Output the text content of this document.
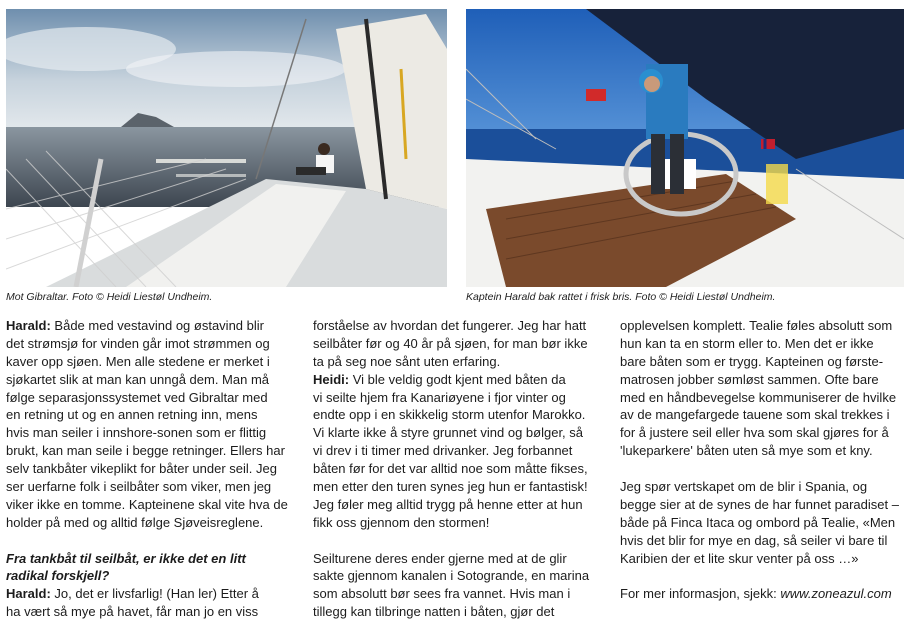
Mot Gibraltar. Foto © Heidi Liestøl Undheim.	Kaptein Harald bak rattet i frisk bris. Foto © Heidi Liestøl Undheim.
Harald: Både med vestavind og østavind blir
det strømsjø for vinden går imot strømmen og
kaver opp sjøen. Men alle stedene er merket i
sjøkartet slik at man kan unngå dem. Man må
følge separasjonssystemet ved Gibraltar med
en retning ut og en annen retning inn, mens
hvis man seiler i innshore-sonen som er flittig
brukt, kan man seile i begge retninger. Ellers har
selv tankbåter vikeplikt for båter under seil. Jeg
ser uerfarne folk i seilbåter som viker, men jeg
viker ikke en tomme. Kapteinene skal vite hva de
holder på med og alltid følge Sjøveisreglene.
Fra tankbåt til seilbåt, er ikke det en litt
radikal forskjell?
Harald: Jo, det er livsfarlig! (Han ler) Etter å
ha vært så mye på havet, får man jo en viss
forståelse av hvordan det fungerer. Jeg har hatt
seilbåter før og 40 år på sjøen, for man bør ikke
ta på seg noe sånt uten erfaring.
Heidi: Vi ble veldig godt kjent med båten da
vi seilte hjem fra Kanariøyene i fjor vinter og
endte opp i en skikkelig storm utenfor Marokko.
Vi klarte ikke å styre grunnet vind og bølger, så
vi drev i ti timer med drivanker. Jeg forbannet
båten før for det var alltid noe som måtte fikses,
men etter den turen synes jeg hun er fantastisk!
Jeg føler meg alltid trygg på henne etter at hun
fikk oss gjennom den stormen!
Seilturene deres ender gjerne med at de glir
sakte gjennom kanalen i Sotogrande, en marina
som absolutt bør sees fra vannet. Hvis man i
tillegg kan tilbringe natten i båten, gjør det
opplevelsen komplett. Tealie føles absolutt som
hun kan ta en storm eller to. Men det er ikke
bare båten som er trygg. Kapteinen og første-
matrosen jobber sømløst sammen. Ofte bare
med en håndbevegelse kommuniserer de hvilke
av de mangefargede tauene som skal trekkes i
for å justere seil eller hva som skal gjøres for å
'lukeparkere' båten uten så mye som et kny.
Jeg spør vertskapet om de blir i Spania, og
begge sier at de synes de har funnet paradiset –
både på Finca Itaca og ombord på Tealie, «Men
hvis det blir for mye en dag, så seiler vi bare til
Karibien der et lite skur venter på oss …»
For mer informasjon, sjekk: www.zoneazul.com
